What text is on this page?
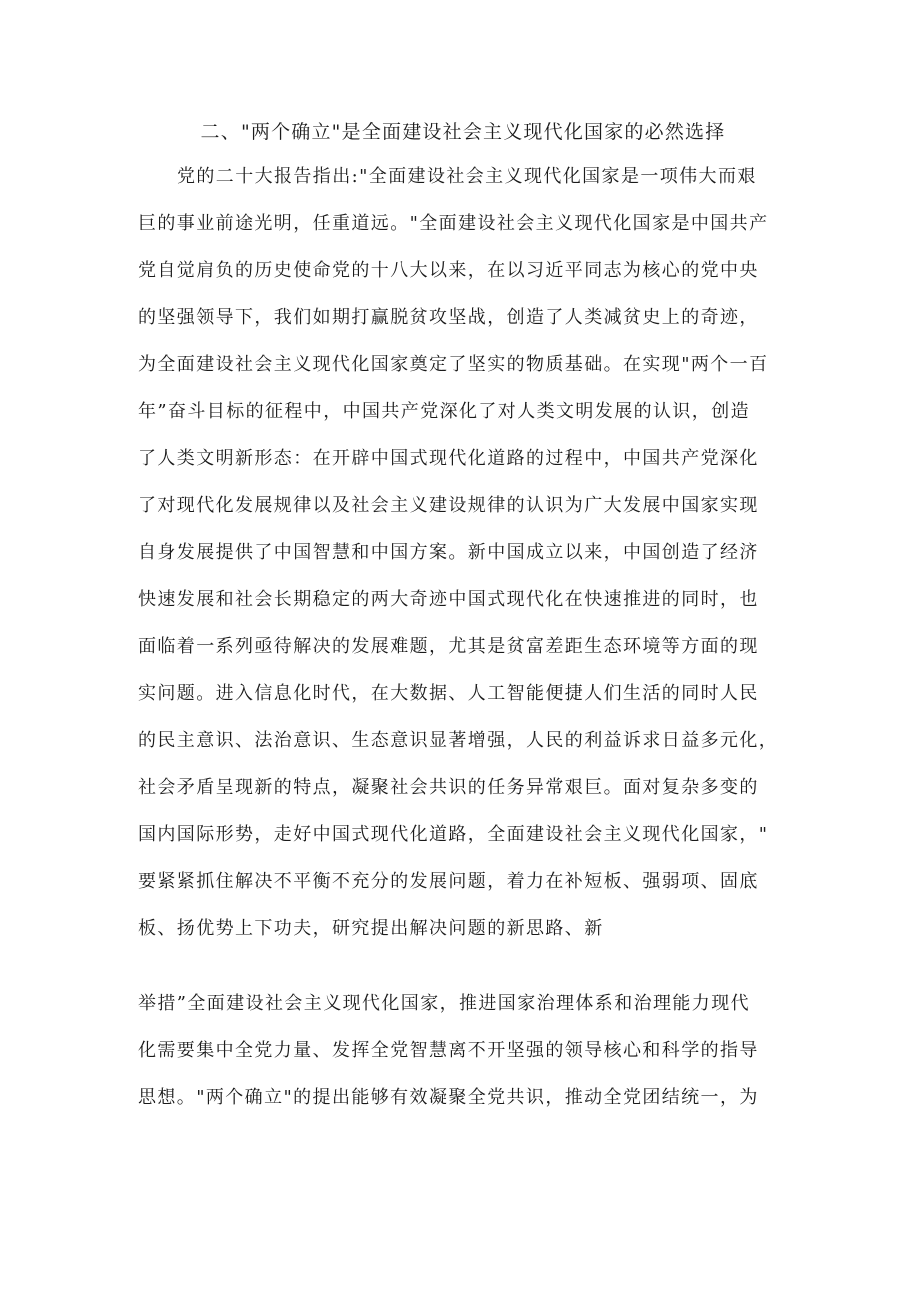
二、"两个确立"是全面建设社会主义现代化国家的必然选择
党的二十大报告指出:"全面建设社会主义现代化国家是一项伟大而艰
巨的事业前途光明，任重道远。"全面建设社会主义现代化国家是中国共产
党自觉肩负的历史使命党的十八大以来，在以习近平同志为核心的党中央
的坚强领导下，我们如期打赢脱贫攻坚战，创造了人类减贫史上的奇迹，
为全面建设社会主义现代化国家奠定了坚实的物质基础。在实现"两个一百
年”奋斗目标的征程中，中国共产党深化了对人类文明发展的认识，创造
了人类文明新形态：在开辟中国式现代化道路的过程中，中国共产党深化
了对现代化发展规律以及社会主义建设规律的认识为广大发展中国家实现
自身发展提供了中国智慧和中国方案。新中国成立以来，中国创造了经济
快速发展和社会长期稳定的两大奇迹中国式现代化在快速推进的同时，也
面临着一系列亟待解决的发展难题，尤其是贫富差距生态环境等方面的现
实问题。进入信息化时代，在大数据、人工智能便捷人们生活的同时人民
的民主意识、法治意识、生态意识显著增强，人民的利益诉求日益多元化，
社会矛盾呈现新的特点，凝聚社会共识的任务异常艰巨。面对复杂多变的
国内国际形势，走好中国式现代化道路，全面建设社会主义现代化国家，"
要紧紧抓住解决不平衡不充分的发展问题，着力在补短板、强弱项、固底
板、扬优势上下功夫，研究提出解决问题的新思路、新
举措”全面建设社会主义现代化国家，推进国家治理体系和治理能力现代
化需要集中全党力量、发挥全党智慧离不开坚强的领导核心和科学的指导
思想。"两个确立"的提出能够有效凝聚全党共识，推动全党团结统一，为
